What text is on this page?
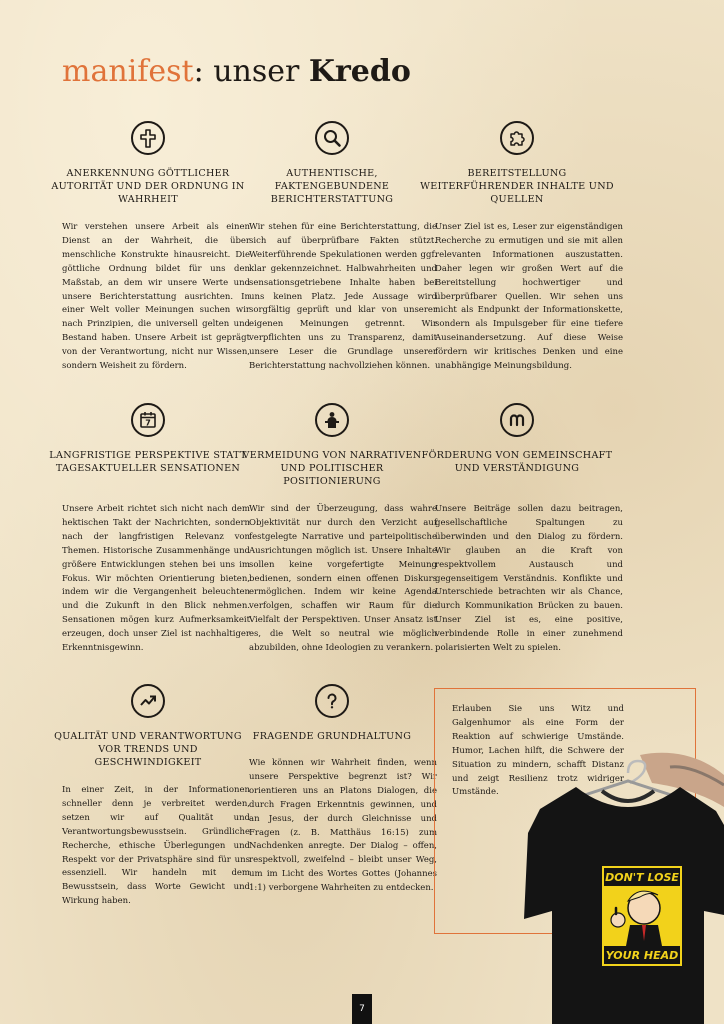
manifest: unser Kredo
ANERKENNUNG GÖTTLICHER AUTORITÄT UND DER ORDNUNG IN WAHRHEIT
Wir verstehen unsere Arbeit als einen Dienst an der Wahrheit, die über menschliche Konstrukte hinausreicht. Die göttliche Ordnung bildet für uns den Maßstab, an dem wir unsere Werte und unsere Berichterstattung ausrichten. In einer Welt voller Meinungen suchen wir nach Prinzipien, die universell gelten und Bestand haben. Unsere Arbeit ist geprägt von der Verantwortung, nicht nur Wissen, sondern Weisheit zu fördern.
AUTHENTISCHE, FAKTENGEBUNDENE BERICHTERSTATTUNG
Wir stehen für eine Berichterstattung, die sich auf überprüfbare Fakten stützt. Weiterführende Spekulationen werden ggf. klar gekennzeichnet. Halbwahrheiten und sensationsgetriebene Inhalte haben bei uns keinen Platz. Jede Aussage wird sorgfältig geprüft und klar von unserer eigenen Meinungen getrennt. Wir verpflichten uns zu Transparenz, damit unsere Leser die Grundlage unserer Berichterstattung nachvollziehen können.
BEREITSTELLUNG WEITERFÜHRENDER INHALTE UND QUELLEN
Unser Ziel ist es, Leser zur eigenständigen Recherche zu ermutigen und sie mit allen relevanten Informationen auszustatten. Daher legen wir großen Wert auf die Bereitstellung hochwertiger und überprüfbarer Quellen. Wir sehen uns nicht als Endpunkt der Informationskette, sondern als Impulsgeber für eine tiefere Auseinandersetzung. Auf diese Weise fördern wir kritisches Denken und eine unabhängige Meinungsbildung.
7
LANGFRISTIGE PERSPEKTIVE STATT TAGESAKTUELLER SENSATIONEN
Unsere Arbeit richtet sich nicht nach dem hektischen Takt der Nachrichten, sondern nach der langfristigen Relevanz von Themen. Historische Zusammenhänge und größere Entwicklungen stehen bei uns im Fokus. Wir möchten Orientierung bieten, indem wir die Vergangenheit beleuchten und die Zukunft in den Blick nehmen. Sensationen mögen kurz Aufmerksamkeit erzeugen, doch unser Ziel ist nachhaltiger Erkenntnisgewinn.
VERMEIDUNG VON NARRATIVEN UND POLITISCHER POSITIONIERUNG
Wir sind der Überzeugung, dass wahre Objektivität nur durch den Verzicht auf festgelegte Narrative und parteipolitische Ausrichtungen möglich ist. Unsere Inhalte sollen keine vorgefertigte Meinung bedienen, sondern einen offenen Diskurs ermöglichen. Indem wir keine Agenda verfolgen, schaffen wir Raum für die Vielfalt der Perspektiven. Unser Ansatz ist es, die Welt so neutral wie möglich abzubilden, ohne Ideologien zu verankern.
FÖRDERUNG VON GEMEINSCHAFT UND VERSTÄNDIGUNG
Unsere Beiträge sollen dazu beitragen, gesellschaftliche Spaltungen zu überwinden und den Dialog zu fördern. Wir glauben an die Kraft von respektvollem Austausch und gegenseitigem Verständnis. Konflikte und Unterschiede betrachten wir als Chance, durch Kommunikation Brücken zu bauen. Unser Ziel ist es, eine positive, verbindende Rolle in einer zunehmend polarisierten Welt zu spielen.
QUALITÄT UND VERANTWORTUNG VOR TRENDS UND GESCHWINDIGKEIT
In einer Zeit, in der Informationen schneller denn je verbreitet werden, setzen wir auf Qualität und Verantwortungsbewusstsein. Gründliche Recherche, ethische Überlegungen und Respekt vor der Privatsphäre sind für uns essenziell. Wir handeln mit dem Bewusstsein, dass Worte Gewicht und Wirkung haben.
FRAGENDE GRUNDHALTUNG
Wie können wir Wahrheit finden, wenn unsere Perspektive begrenzt ist? Wir orientieren uns an Platons Dialogen, die durch Fragen Erkenntnis gewinnen, und an Jesus, der durch Gleichnisse und Fragen (z. B. Matthäus 16:15) zum Nachdenken anregte. Der Dialog – offen, respektvoll, zweifelnd – bleibt unser Weg, um im Licht des Wortes Gottes (Johannes 1:1) verborgene Wahrheiten zu entdecken.
DON'T LOSE
YOUR HEAD
Erlauben Sie uns Witz und Galgenhumor als eine Form der Reaktion auf schwierige Umstände. Humor, Lachen hilft, die Schwere der Situation zu mindern, schafft Distanz und zeigt Resilienz trotz widriger Umstände.
7
